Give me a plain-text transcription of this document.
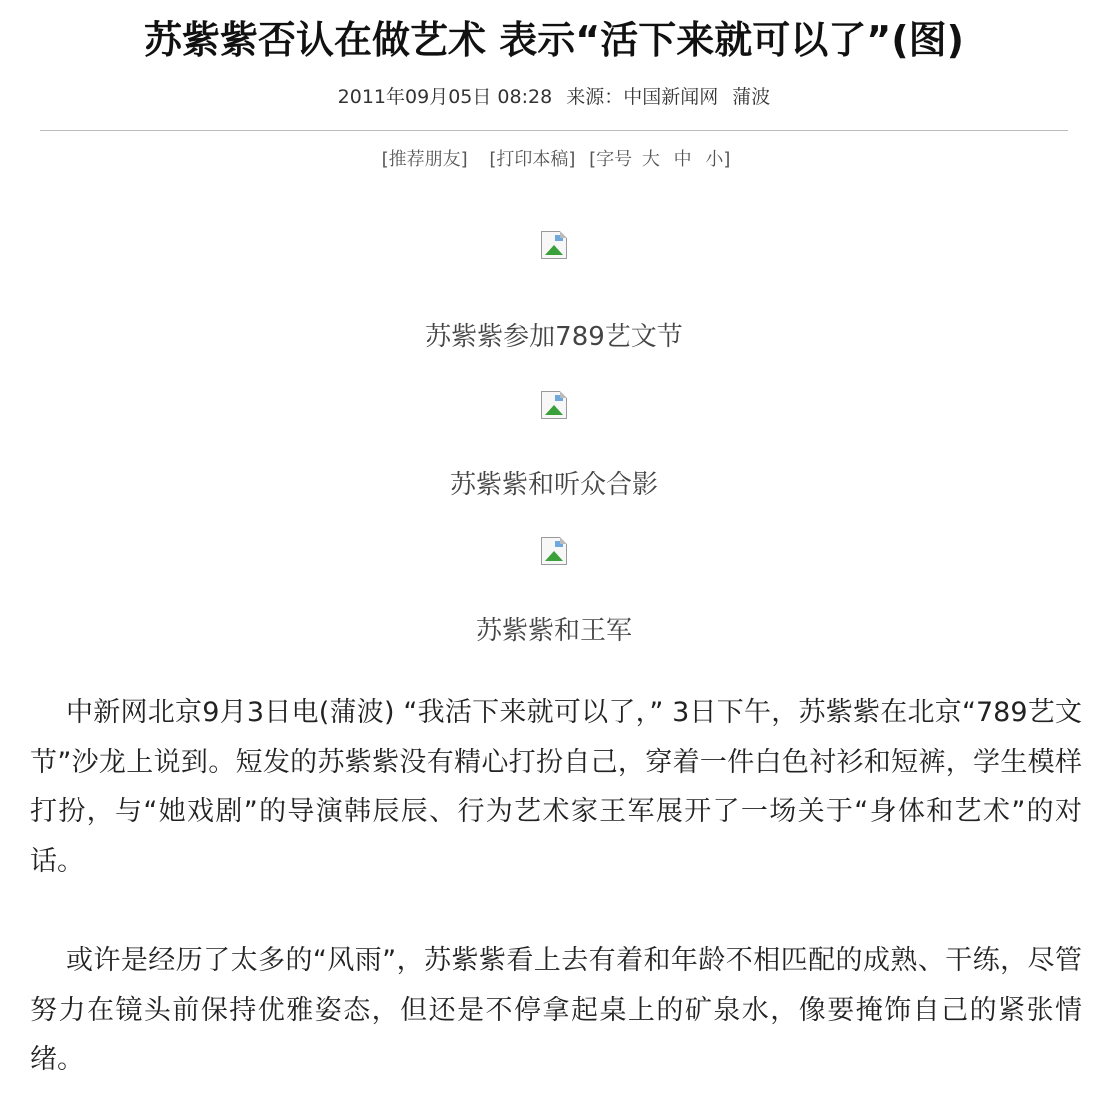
苏紫紫否认在做艺术 表示“活下来就可以了”(图)
2011年09月05日 08:28 来源：中国新闻网 蒲波
[推荐朋友] [打印本稿] [字号 大 中 小]
苏紫紫参加789艺文节
苏紫紫和听众合影
苏紫紫和王军

中新网北京9月3日电(蒲波) “我活下来就可以了，” 3日下午，苏紫紫在北京“789艺文节”沙龙上说到。短发的苏紫紫没有精心打扮自己，穿着一件白色衬衫和短裤，学生模样打扮，与“她戏剧”的导演韩辰辰、行为艺术家王军展开了一场关于“身体和艺术”的对话。

或许是经历了太多的“风雨”，苏紫紫看上去有着和年龄不相匹配的成熟、干练，尽管努力在镜头前保持优雅姿态，但还是不停拿起桌上的矿泉水，像要掩饰自己的紧张情绪。
